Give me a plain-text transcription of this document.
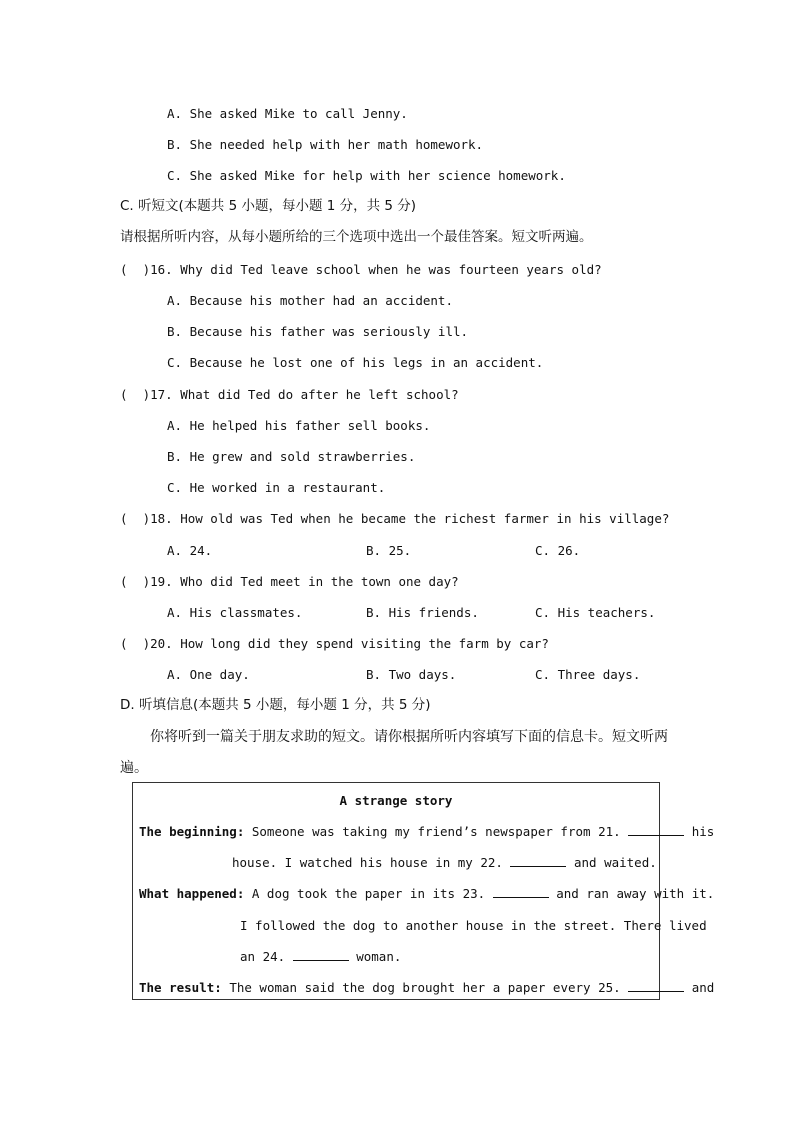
A. She asked Mike to call Jenny.
B. She needed help with her math homework.
C. She asked Mike for help with her science homework.
C. 听短文(本题共 5 小题，每小题 1 分，共 5 分)
请根据所听内容，从每小题所给的三个选项中选出一个最佳答案。短文听两遍。
(  )16. Why did Ted leave school when he was fourteen years old?
A. Because his mother had an accident.
B. Because his father was seriously ill.
C. Because he lost one of his legs in an accident.
(  )17. What did Ted do after he left school?
A. He helped his father sell books.
B. He grew and sold strawberries.
C. He worked in a restaurant.
(  )18. How old was Ted when he became the richest farmer in his village?
A. 24.	B. 25.	C. 26.
(  )19. Who did Ted meet in the town one day?
A. His classmates.	B. His friends.	C. His teachers.
(  )20. How long did they spend visiting the farm by car?
A. One day.	B. Two days.	C. Three days.
D. 听填信息(本题共 5 小题，每小题 1 分，共 5 分)
你将听到一篇关于朋友求助的短文。请你根据所听内容填写下面的信息卡。短文听两
遍。
A strange story
The beginning: Someone was taking my friend’s newspaper from 21.	his
house. I watched his house in my 22.	and waited.
What happened: A dog took the paper in its 23.	and ran away with it.
I followed the dog to another house in the street. There lived
an 24.	woman.
The result: The woman said the dog brought her a paper every 25.	and
